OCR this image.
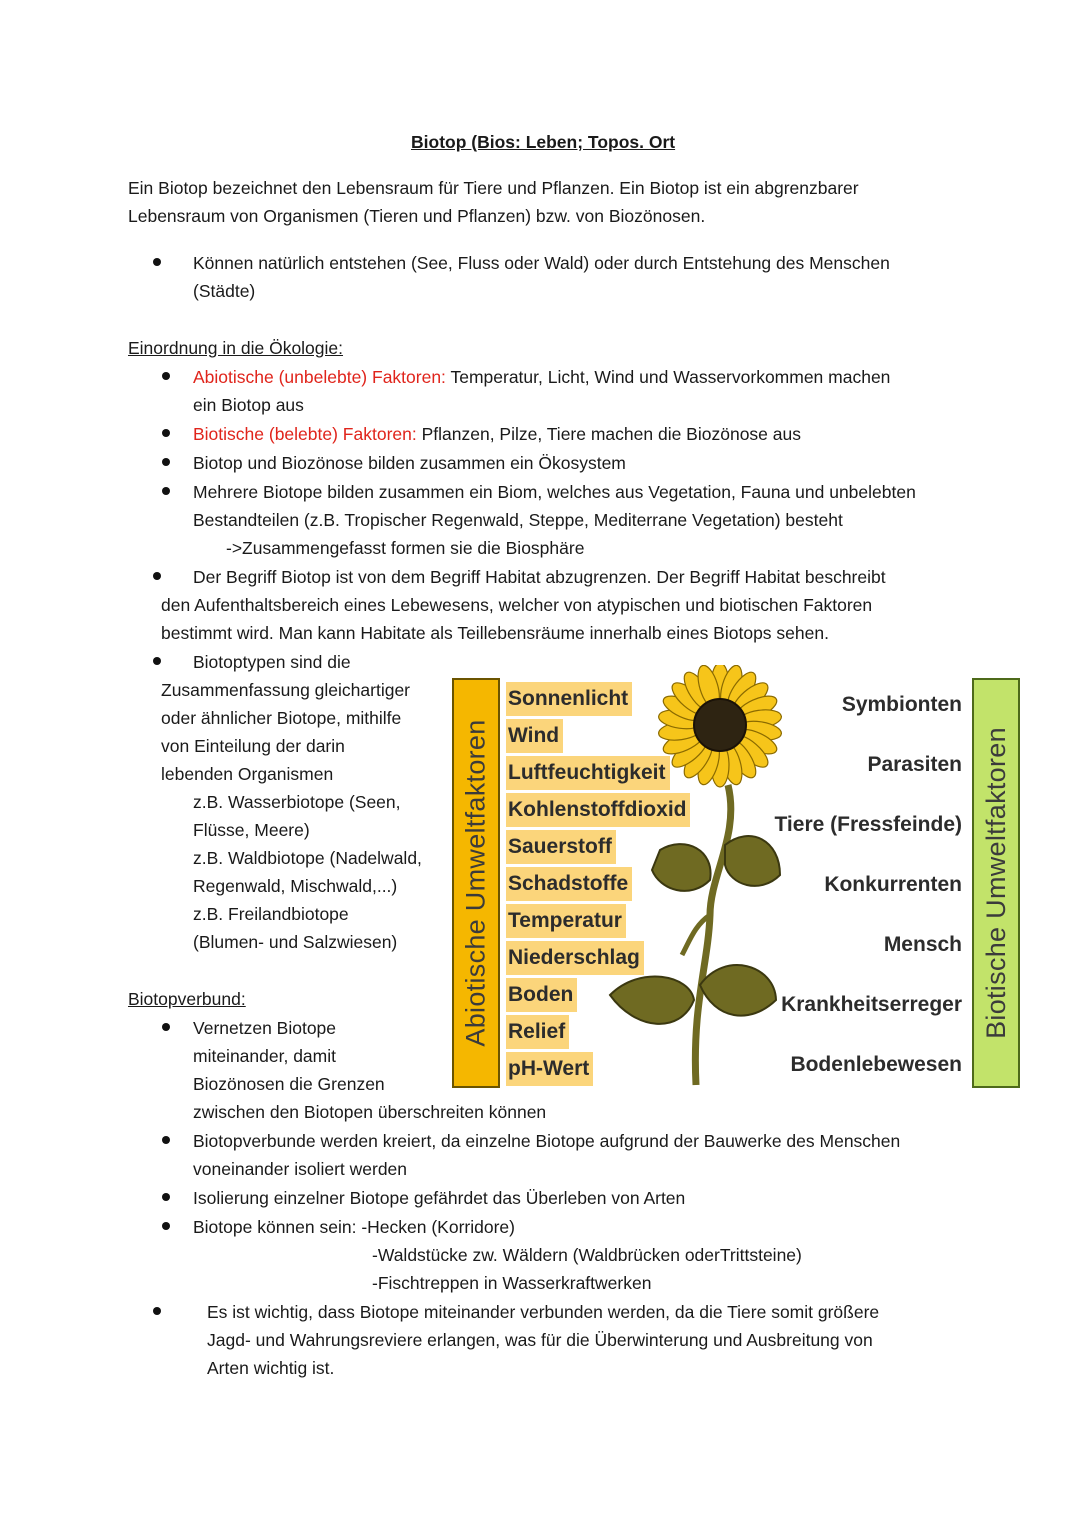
Biotop (Bios: Leben; Topos. Ort
Ein Biotop bezeichnet den Lebensraum für Tiere und Pflanzen. Ein Biotop ist ein abgrenzbarer
Lebensraum von Organismen (Tieren und Pflanzen) bzw. von Biozönosen.
Können natürlich entstehen (See, Fluss oder Wald) oder durch Entstehung des Menschen
(Städte)
Einordnung in die Ökologie:
Abiotische (unbelebte) Faktoren: Temperatur, Licht, Wind und Wasservorkommen machen
ein Biotop aus
Biotische (belebte) Faktoren: Pflanzen, Pilze, Tiere machen die Biozönose aus
Biotop und Biozönose bilden zusammen ein Ökosystem
Mehrere Biotope bilden zusammen ein Biom, welches aus Vegetation, Fauna und unbelebten
Bestandteilen (z.B. Tropischer Regenwald, Steppe, Mediterrane Vegetation) besteht
->Zusammengefasst formen sie die Biosphäre
Der Begriff Biotop ist von dem Begriff Habitat abzugrenzen. Der Begriff Habitat beschreibt
den Aufenthaltsbereich eines Lebewesens, welcher von atypischen und biotischen Faktoren
bestimmt wird. Man kann Habitate als Teillebensräume innerhalb eines Biotops sehen.
Biotoptypen sind die
Zusammenfassung gleichartiger
oder ähnlicher Biotope, mithilfe
von Einteilung der darin
lebenden Organismen
z.B. Wasserbiotope (Seen,
Flüsse, Meere)
z.B. Waldbiotope (Nadelwald,
Regenwald, Mischwald,...)
z.B. Freilandbiotope
(Blumen- und Salzwiesen) Abiotische Umweltfaktoren
Sonnenlicht
Wind
Luftfeuchtigkeit
Kohlenstoffdioxid
Sauerstoff
Schadstoffe
Temperatur
Niederschlag
Boden
Relief
pH-Wert
Symbionten
Parasiten
Tiere (Fressfeinde)
Konkurrenten
Mensch
Krankheitserreger
Bodenlebewesen
Biotische Umweltfaktoren
Biotopverbund:
Vernetzen Biotope
miteinander, damit
Biozönosen die Grenzen
zwischen den Biotopen überschreiten können
Biotopverbunde werden kreiert, da einzelne Biotope aufgrund der Bauwerke des Menschen
voneinander isoliert werden
Isolierung einzelner Biotope gefährdet das Überleben von Arten
Biotope können sein: -Hecken (Korridore)
-Waldstücke zw. Wäldern (Waldbrücken oderTrittsteine)
-Fischtreppen in Wasserkraftwerken
Es ist wichtig, dass Biotope miteinander verbunden werden, da die Tiere somit größere
Jagd- und Wahrungsreviere erlangen, was für die Überwinterung und Ausbreitung von
Arten wichtig ist.
